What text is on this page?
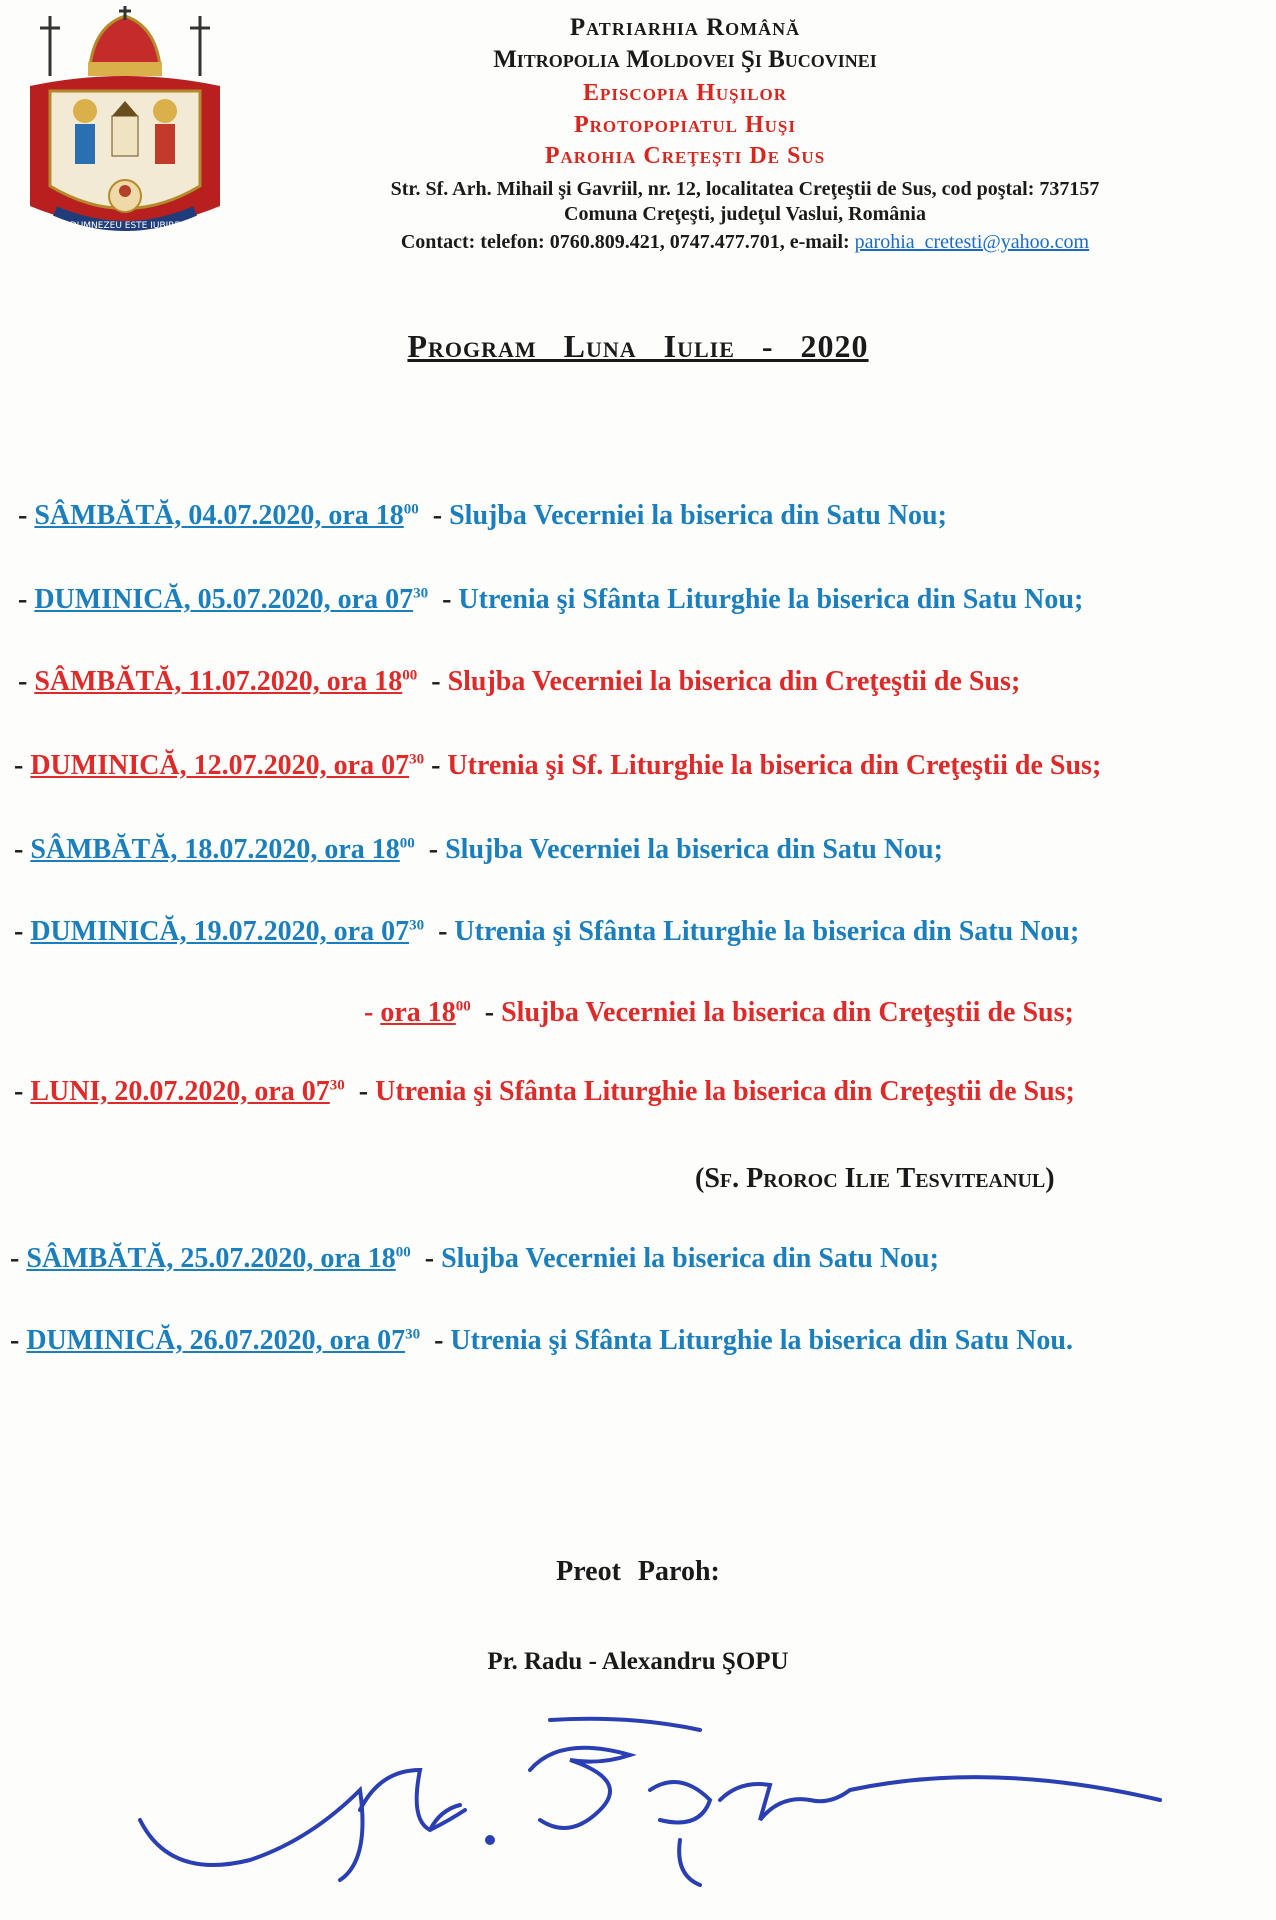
DUMNEZEU ESTE IUBIRE
Patriarhia Română
Mitropolia Moldovei Şi Bucovinei
Episcopia Huşilor
Protopopiatul Huşi
Parohia Creţeşti De Sus
Str. Sf. Arh. Mihail şi Gavriil, nr. 12, localitatea Creţeştii de Sus, cod poştal: 737157
Comuna Creţeşti, judeţul Vaslui, România
Contact: telefon: 0760.809.421, 0747.477.701, e-mail: parohia_cretesti@yahoo.com
Program Luna Iulie - 2020
- SÂMBĂTĂ, 04.07.2020, ora $18^{00}$  - Slujba Vecerniei la biserica din Satu Nou;
- DUMINICĂ, 05.07.2020, ora $07^{30}$  - Utrenia şi Sfânta Liturghie la biserica din Satu Nou;
- SÂMBĂTĂ, 11.07.2020, ora $18^{00}$  - Slujba Vecerniei la biserica din Creţeştii de Sus;
- DUMINICĂ, 12.07.2020, ora $07^{30}$ - Utrenia şi Sf. Liturghie la biserica din Creţeştii de Sus;
- SÂMBĂTĂ, 18.07.2020, ora $18^{00}$  - Slujba Vecerniei la biserica din Satu Nou;
- DUMINICĂ, 19.07.2020, ora $07^{30}$  - Utrenia şi Sfânta Liturghie la biserica din Satu Nou;
- ora $18^{00}$  - Slujba Vecerniei la biserica din Creţeştii de Sus;
- LUNI, 20.07.2020, ora $07^{30}$  - Utrenia şi Sfânta Liturghie la biserica din Creţeştii de Sus;
(Sf. Proroc Ilie Tesviteanul)
- SÂMBĂTĂ, 25.07.2020, ora $18^{00}$  - Slujba Vecerniei la biserica din Satu Nou;
- DUMINICĂ, 26.07.2020, ora $07^{30}$  - Utrenia şi Sfânta Liturghie la biserica din Satu Nou.
Preot Paroh:
Pr. Radu - Alexandru ŞOPU
